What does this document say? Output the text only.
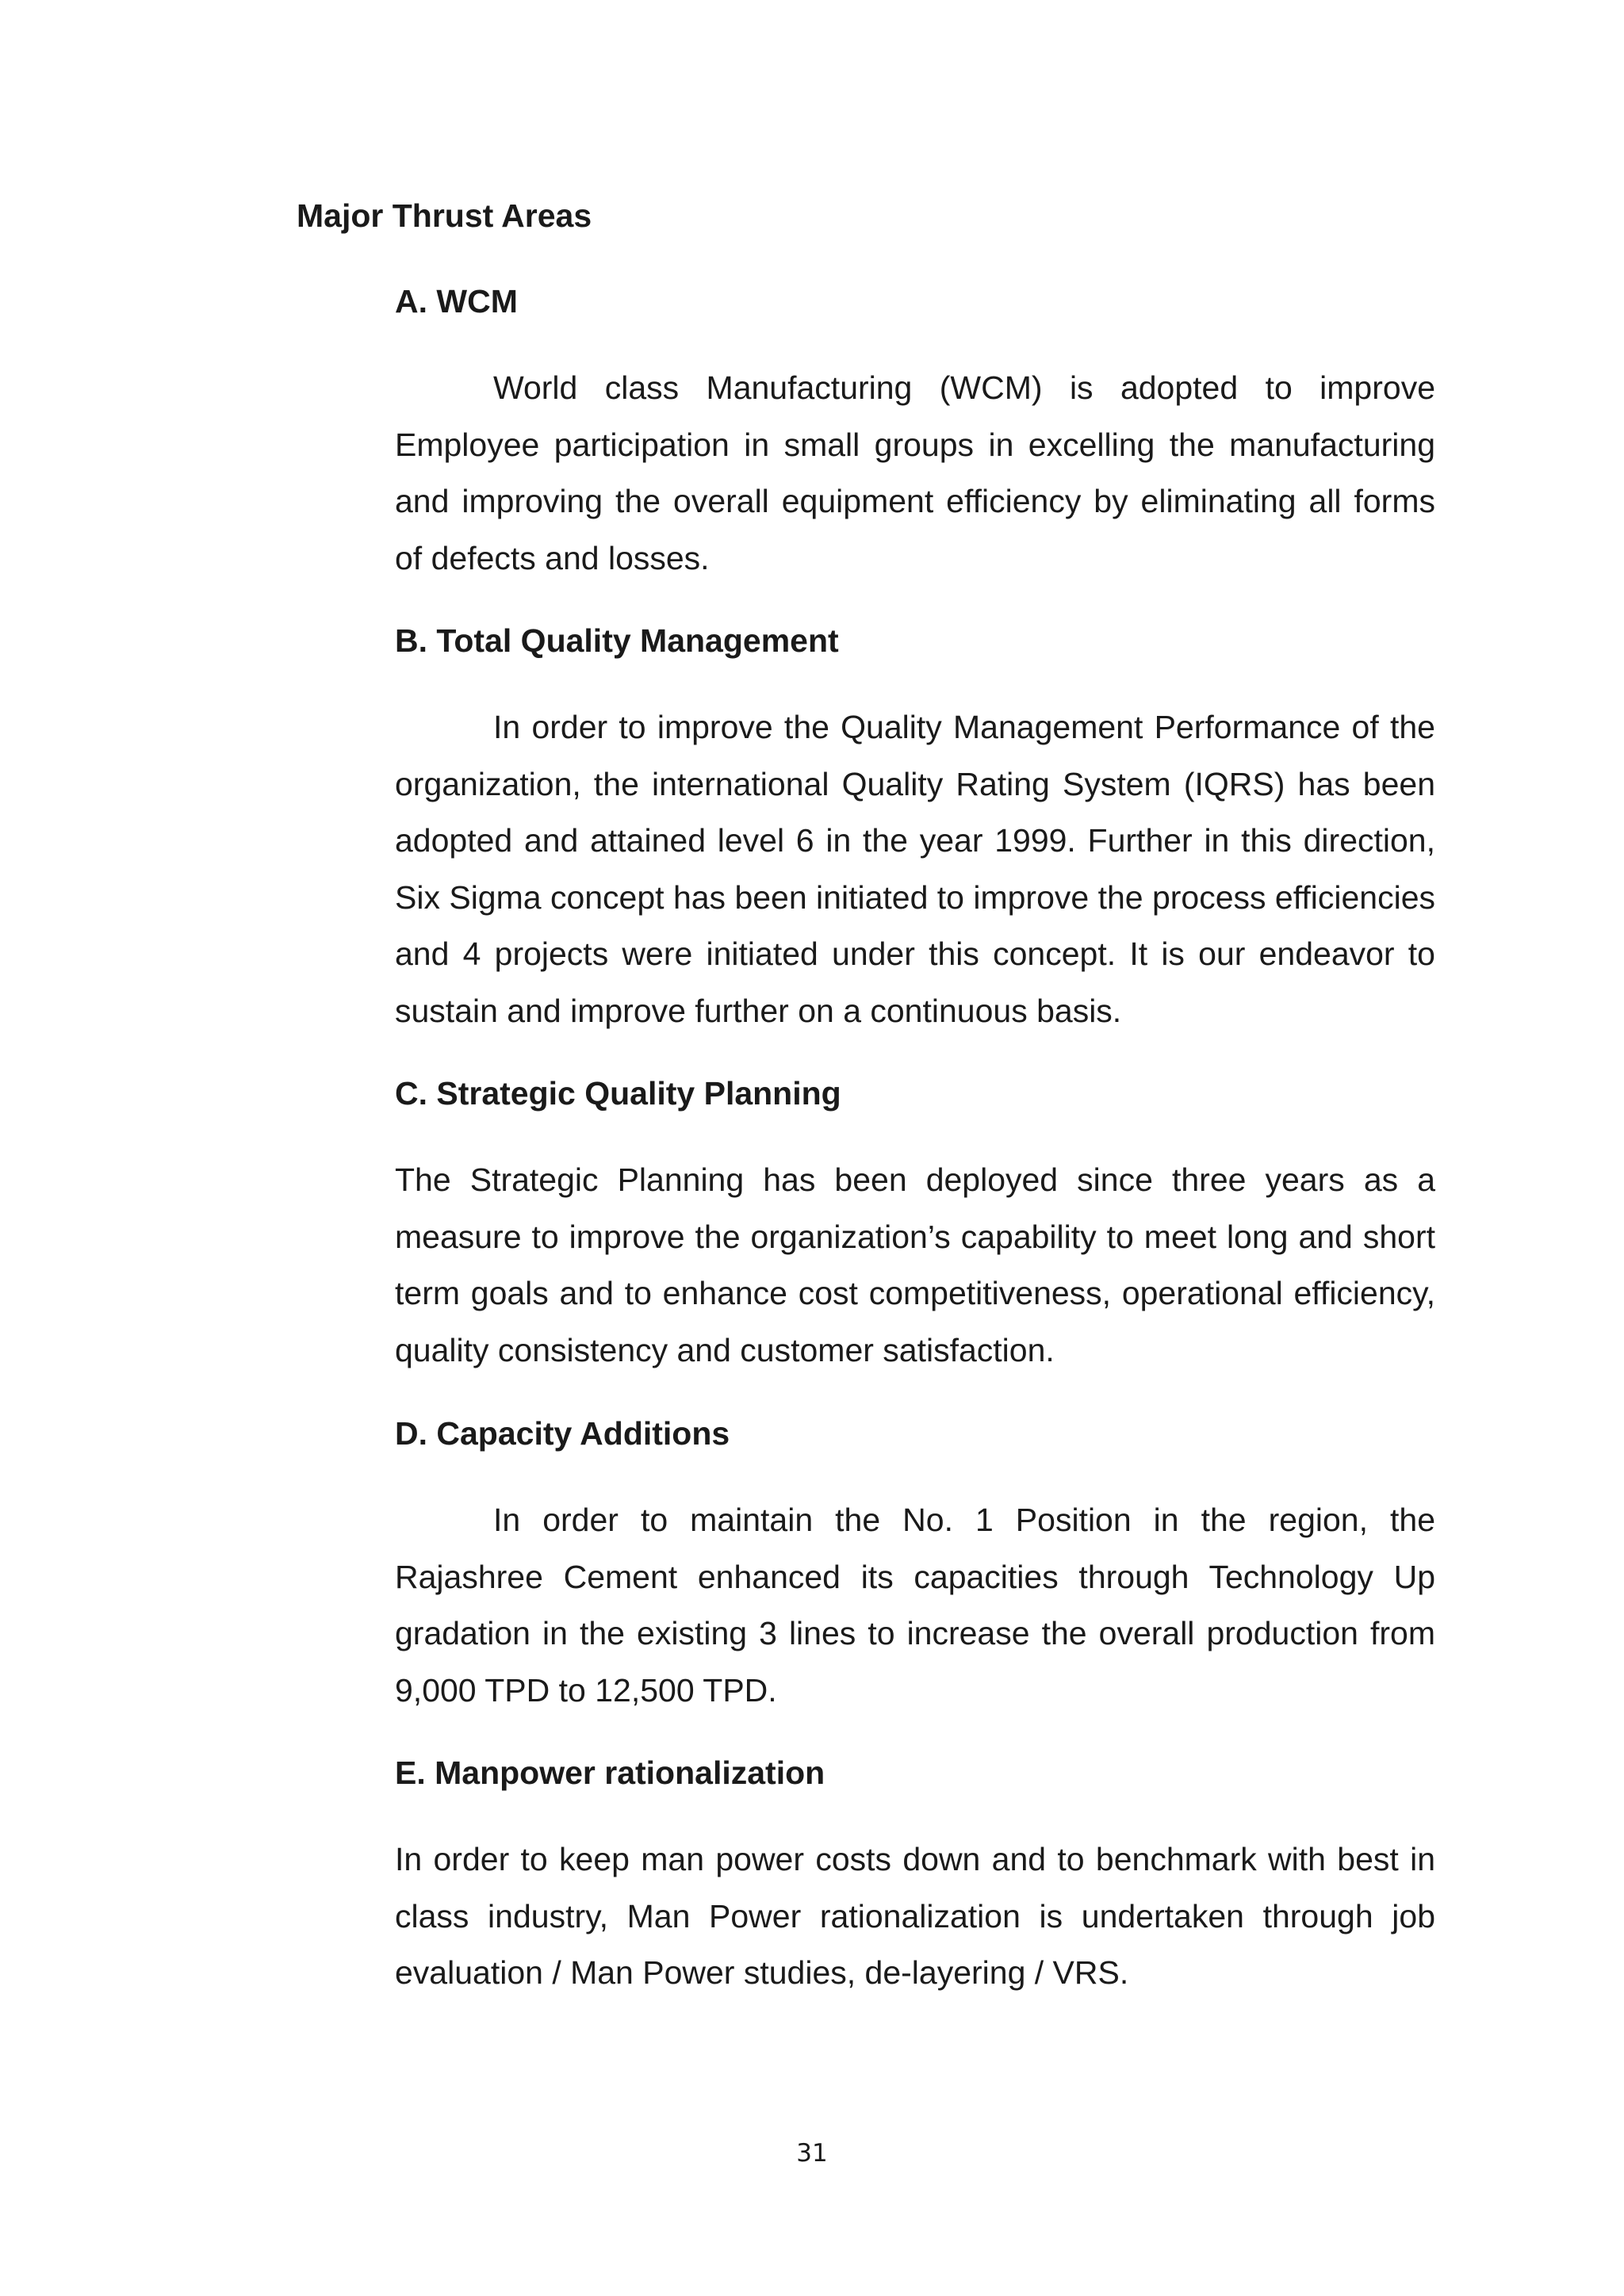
Major Thrust Areas
A. WCM

World class Manufacturing (WCM) is adopted to improve Employee participation in small groups in excelling the manufacturing and improving the overall equipment efficiency by eliminating all forms of defects and losses.

B. Total Quality Management

In order to improve the Quality Management Performance of the organization, the international Quality Rating System (IQRS) has been adopted and attained level 6 in the year 1999. Further in this direction, Six Sigma concept has been initiated to improve the process efficiencies and 4 projects were initiated under this concept. It is our endeavor to sustain and improve further on a continuous basis.

C. Strategic Quality Planning

The Strategic Planning has been deployed since three years as a measure to improve the organization’s capability to meet long and short term goals and to enhance cost competitiveness, operational efficiency, quality consistency and customer satisfaction.

D. Capacity Additions

In order to maintain the No. 1 Position in the region, the Rajashree Cement enhanced its capacities through Technology Up gradation in the existing 3 lines to increase the overall production from 9,000 TPD to 12,500 TPD.

E. Manpower rationalization

In order to keep man power costs down and to benchmark with best in class industry, Man Power rationalization is undertaken through job evaluation / Man Power studies, de-layering / VRS.

31
